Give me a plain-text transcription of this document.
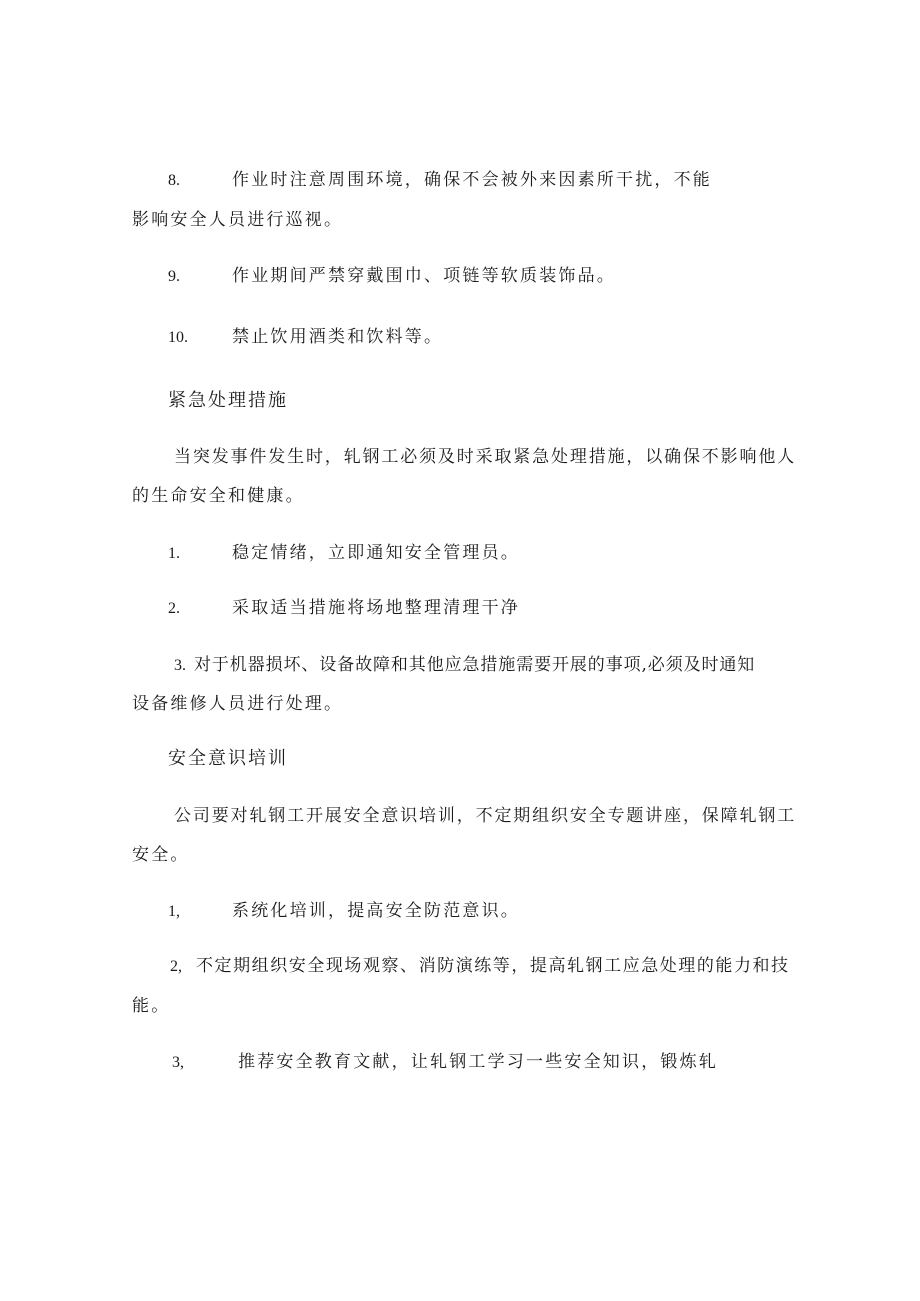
8.	作业时注意周围环境，确保不会被外来因素所干扰，不能
影响安全人员进行巡视。
9.	作业期间严禁穿戴围巾、项链等软质装饰品。
10.	禁止饮用酒类和饮料等。
紧急处理措施
当突发事件发生时，轧钢工必须及时采取紧急处理措施，以确保不影响他人
的生命安全和健康。
1.	稳定情绪，立即通知安全管理员。
2.	采取适当措施将场地整理清理干净
3. 对于机器损坏、设备故障和其他应急措施需要开展的事项,必须及时通知
设备维修人员进行处理。
安全意识培训
公司要对轧钢工开展安全意识培训，不定期组织安全专题讲座，保障轧钢工
安全。
1,	系统化培训，提高安全防范意识。
2, 不定期组织安全现场观察、消防演练等，提高轧钢工应急处理的能力和技
能。
3,	推荐安全教育文献，让轧钢工学习一些安全知识，锻炼轧
